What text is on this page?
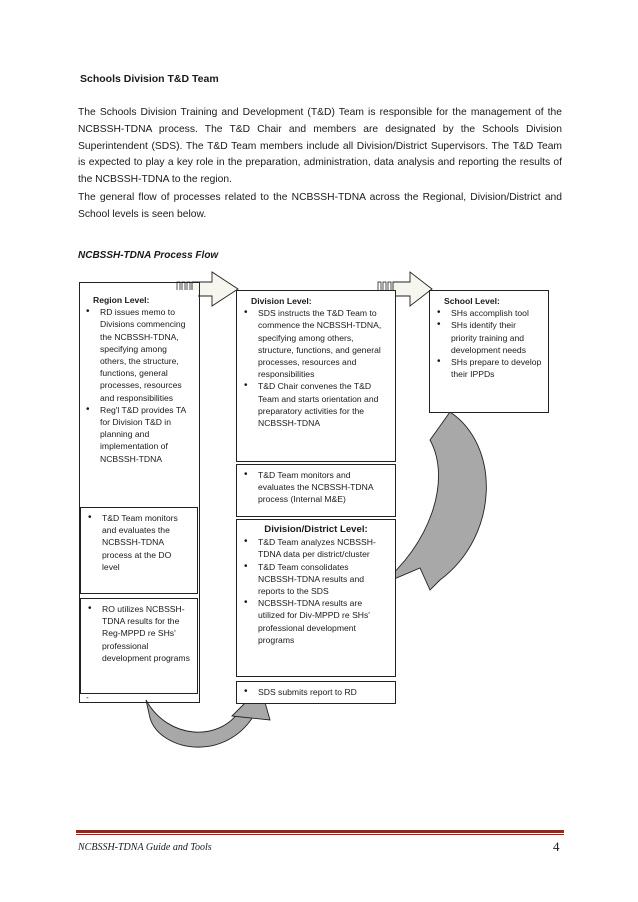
Schools Division T&D Team

The Schools Division Training and Development (T&D) Team is responsible for the management of the NCBSSH-TDNA process. The T&D Chair and members are designated by the Schools Division Superintendent (SDS). The T&D Team members include all Division/District Supervisors. The T&D Team is expected to play a key role in the preparation, administration, data analysis and reporting the results of the NCBSSH-TDNA to the region.

The general flow of processes related to the NCBSSH-TDNA across the Regional, Division/District and School levels is seen below.

NCBSSH-TDNA Process Flow
Region Level:
• RD issues memo to Divisions commencing the NCBSSH-TDNA, specifying among others, the structure, functions, general processes, resources and responsibilities
• Reg'l T&D provides TA for Division T&D in planning and implementation of NCBSSH-TDNA
• T&D Team monitors and evaluates the NCBSSH-TDNA process at the DO level
• RO utilizes NCBSSH-TDNA results for the Reg-MPPD re SHs' professional development programs
-
Division Level:
• SDS instructs the T&D Team to commence the NCBSSH-TDNA, specifying among others, structure, functions, and general processes, resources and responsibilities
• T&D Chair convenes the T&D Team and starts orientation and preparatory activities for the NCBSSH-TDNA
• T&D Team monitors and evaluates the NCBSSH-TDNA process (Internal M&E)
Division/District Level:
• T&D Team analyzes NCBSSH-TDNA data per district/cluster
• T&D Team consolidates NCBSSH-TDNA results and reports to the SDS
• NCBSSH-TDNA results are utilized for Div-MPPD re SHs' professional development programs
• SDS submits report to RD
School Level:
• SHs accomplish tool
• SHs identify their priority training and development needs
• SHs prepare to develop their IPPDs
NCBSSH-TDNA Guide and Tools	4
